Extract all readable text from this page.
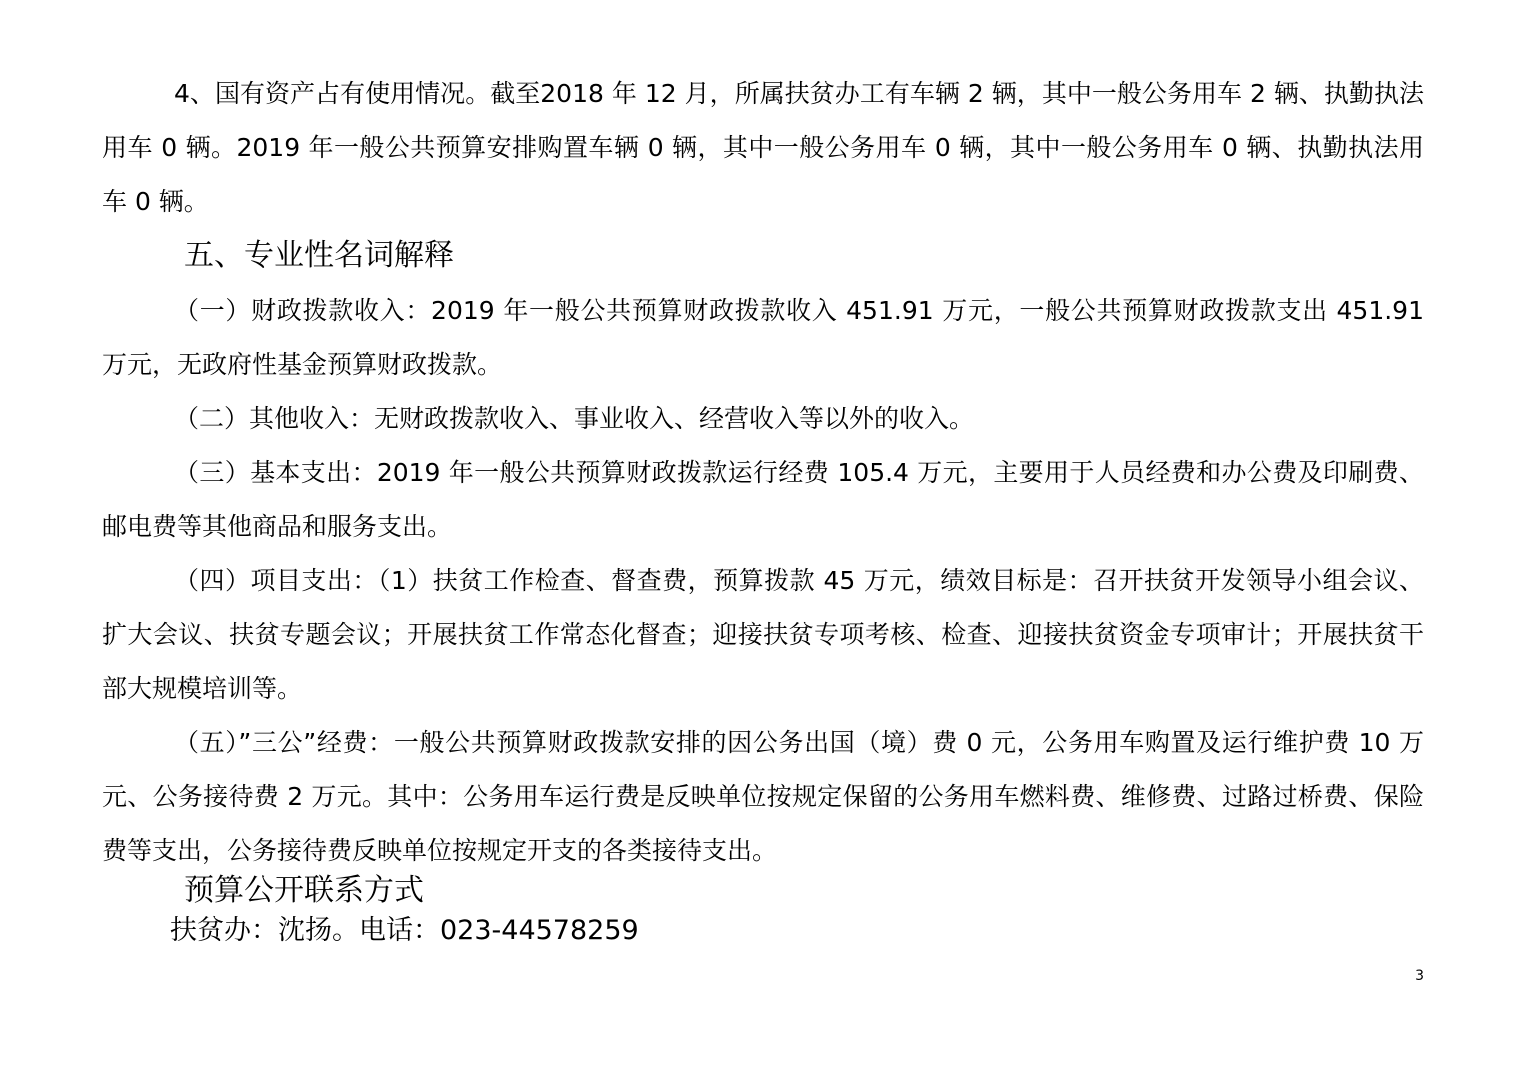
4、国有资产占有使用情况。截至2018 年 12 月，所属扶贫办工有车辆 2 辆，其中一般公务用车 2 辆、执勤执法用车 0 辆。2019 年一般公共预算安排购置车辆 0 辆，其中一般公务用车 0 辆，其中一般公务用车 0 辆、执勤执法用车 0 辆。

五、专业性名词解释

（一）财政拨款收入：2019 年一般公共预算财政拨款收入 451.91 万元，一般公共预算财政拨款支出 451.91 万元，无政府性基金预算财政拨款。

（二）其他收入：无财政拨款收入、事业收入、经营收入等以外的收入。

（三）基本支出：2019 年一般公共预算财政拨款运行经费 105.4 万元，主要用于人员经费和办公费及印刷费、邮电费等其他商品和服务支出。

（四）项目支出：（1）扶贫工作检查、督查费，预算拨款 45 万元，绩效目标是：召开扶贫开发领导小组会议、扩大会议、扶贫专题会议；开展扶贫工作常态化督查；迎接扶贫专项考核、检查、迎接扶贫资金专项审计；开展扶贫干部大规模培训等。

（五）”三公”经费：一般公共预算财政拨款安排的因公务出国（境）费 0 元，公务用车购置及运行维护费 10 万元、公务接待费 2 万元。其中：公务用车运行费是反映单位按规定保留的公务用车燃料费、维修费、过路过桥费、保险费等支出，公务接待费反映单位按规定开支的各类接待支出。

预算公开联系方式

扶贫办：沈扬。电话：023-44578259

3
